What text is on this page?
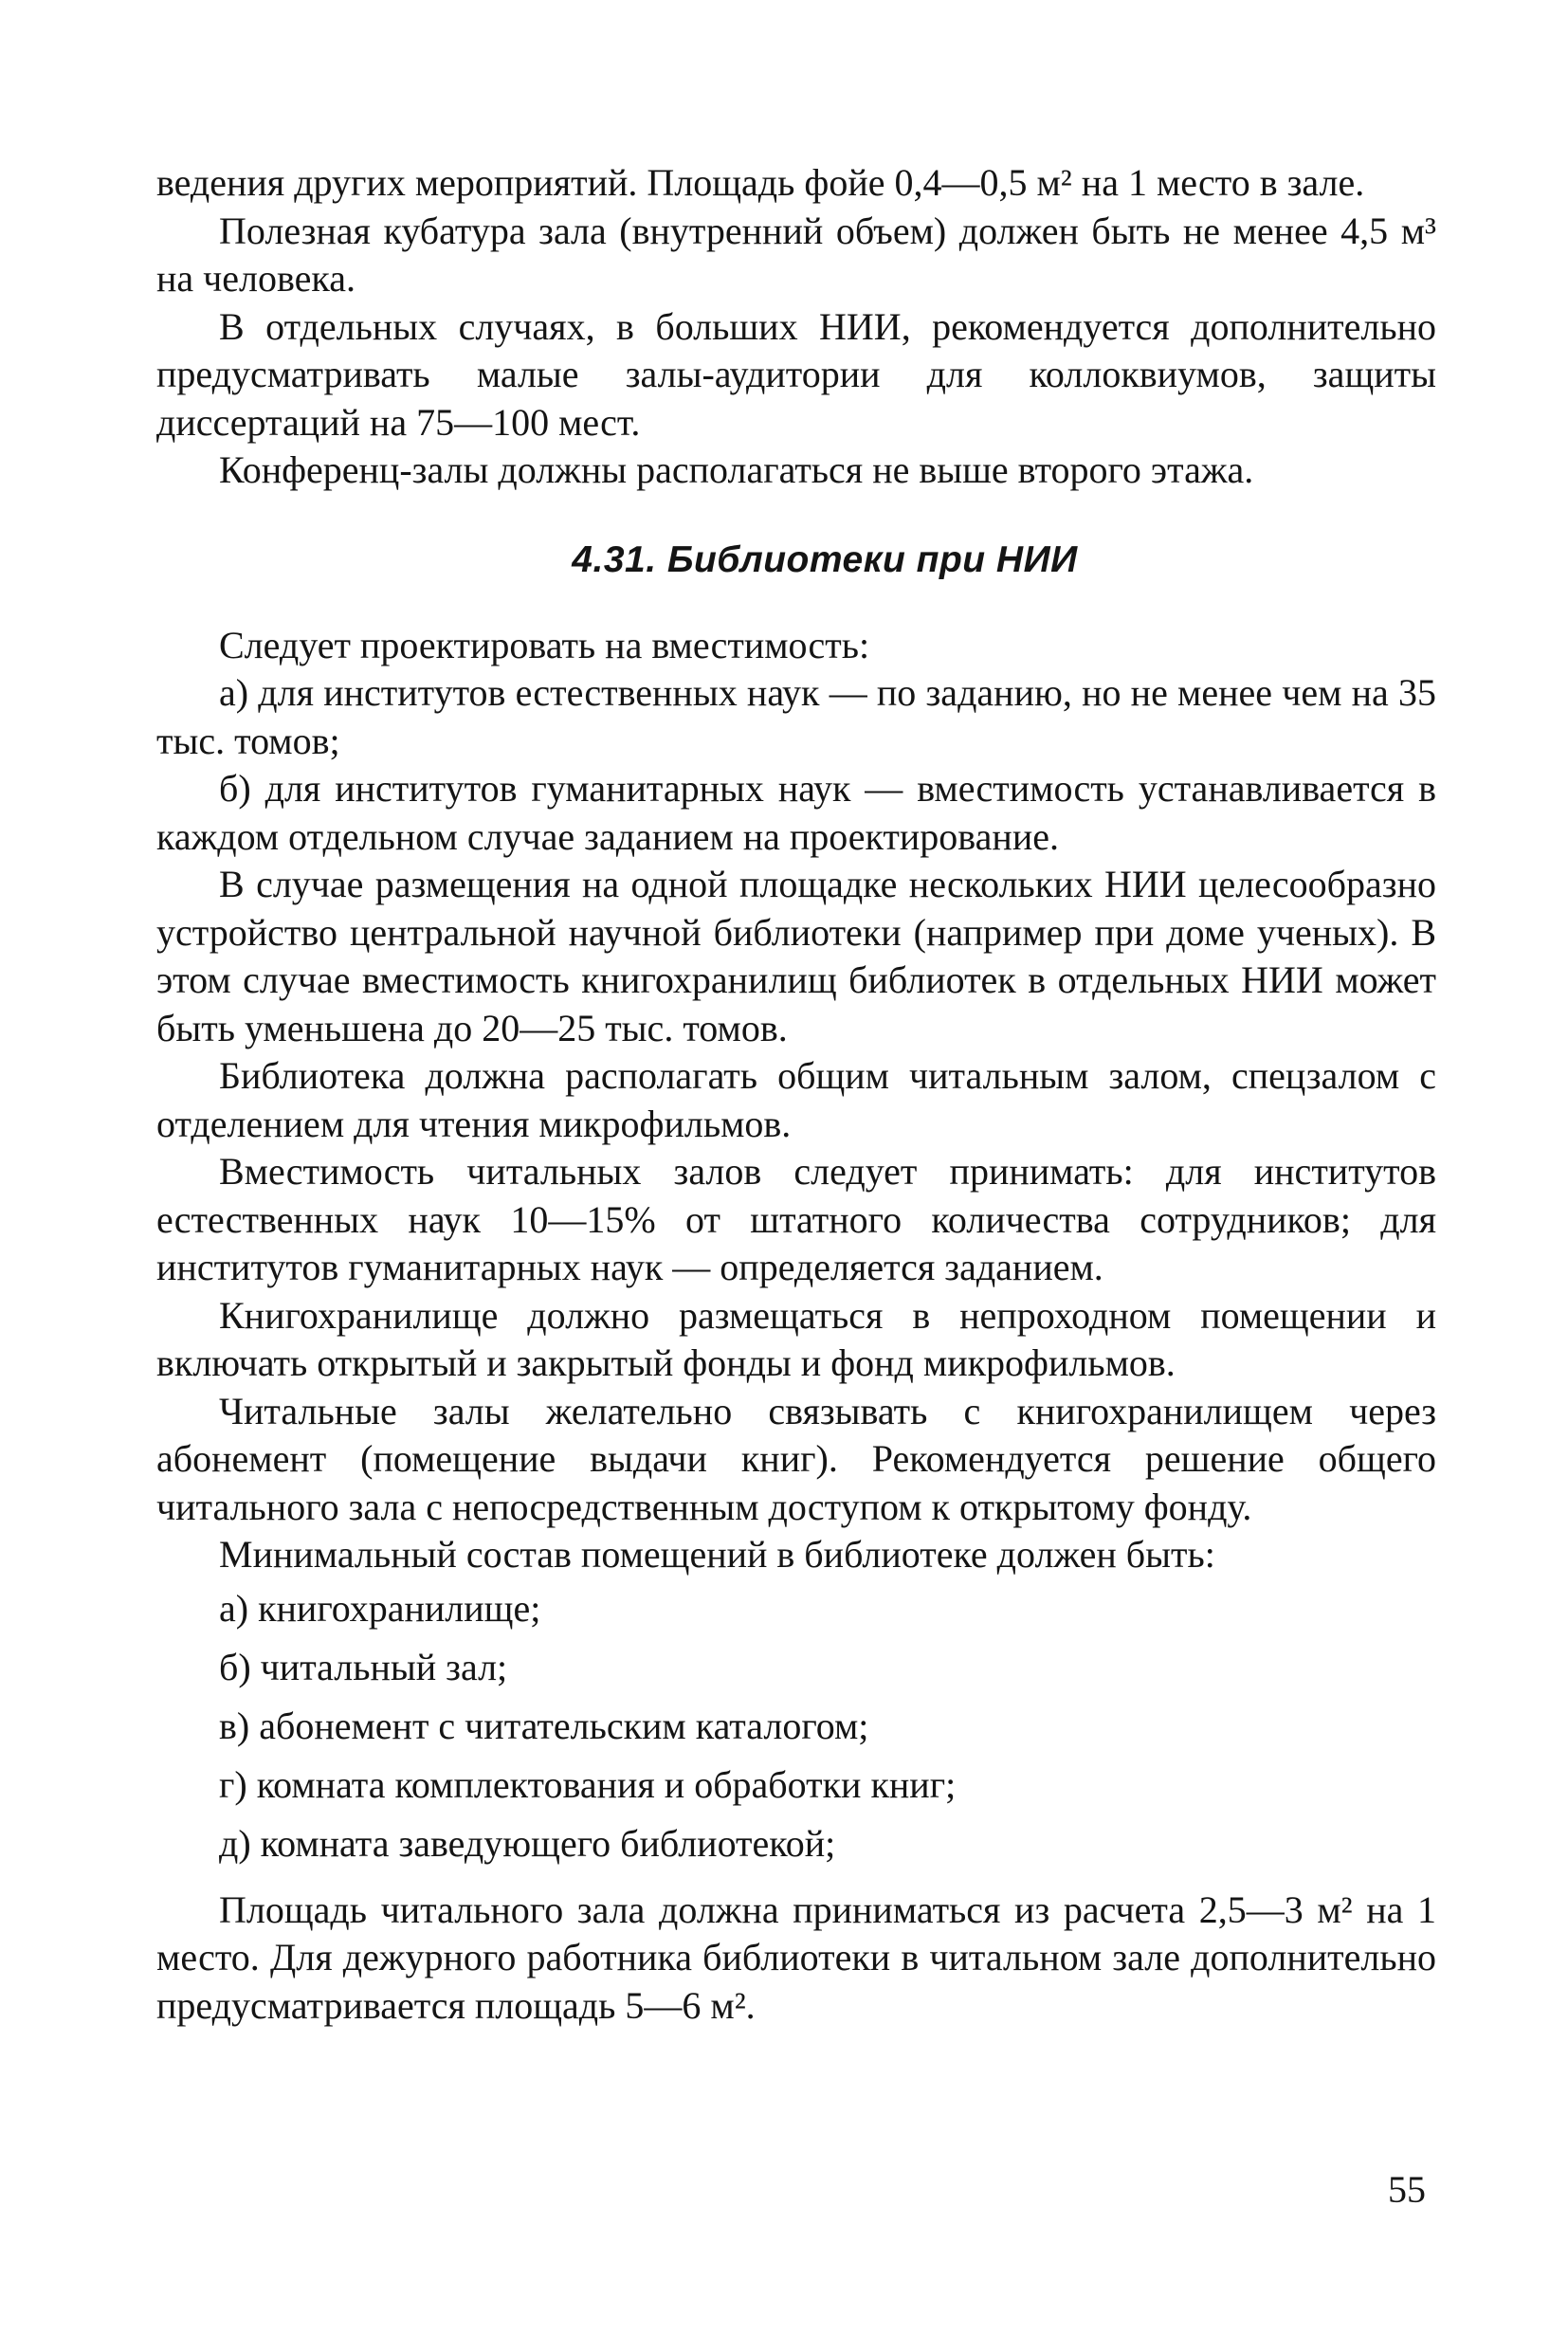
ведения других мероприятий. Площадь фойе 0,4—0,5 м² на 1 место в зале.

Полезная кубатура зала (внутренний объем) должен быть не менее 4,5 м³ на человека.

В отдельных случаях, в больших НИИ, рекомендуется дополнительно предусматривать малые залы-аудитории для коллоквиумов, защиты диссертаций на 75—100 мест.

Конференц-залы должны располагаться не выше второго этажа.

4.31. Библиотеки при НИИ

Следует проектировать на вместимость:

а) для институтов естественных наук — по заданию, но не менее чем на 35 тыс. томов;

б) для институтов гуманитарных наук — вместимость устанавливается в каждом отдельном случае заданием на проектирование.

В случае размещения на одной площадке нескольких НИИ целесообразно устройство центральной научной библиотеки (например при доме ученых). В этом случае вместимость книгохранилищ библиотек в отдельных НИИ может быть уменьшена до 20—25 тыс. томов.

Библиотека должна располагать общим читальным залом, спецзалом с отделением для чтения микрофильмов.

Вместимость читальных залов следует принимать: для институтов естественных наук 10—15% от штатного количества сотрудников; для институтов гуманитарных наук — определяется заданием.

Книгохранилище должно размещаться в непроходном помещении и включать открытый и закрытый фонды и фонд микрофильмов.

Читальные залы желательно связывать с книгохранилищем через абонемент (помещение выдачи книг). Рекомендуется решение общего читального зала с непосредственным доступом к открытому фонду.

Минимальный состав помещений в библиотеке должен быть:

а) книгохранилище;
б) читальный зал;
в) абонемент с читательским каталогом;
г) комната комплектования и обработки книг;
д) комната заведующего библиотекой;

Площадь читального зала должна приниматься из расчета 2,5—3 м² на 1 место. Для дежурного работника библиотеки в читальном зале дополнительно предусматривается площадь 5—6 м².

55
